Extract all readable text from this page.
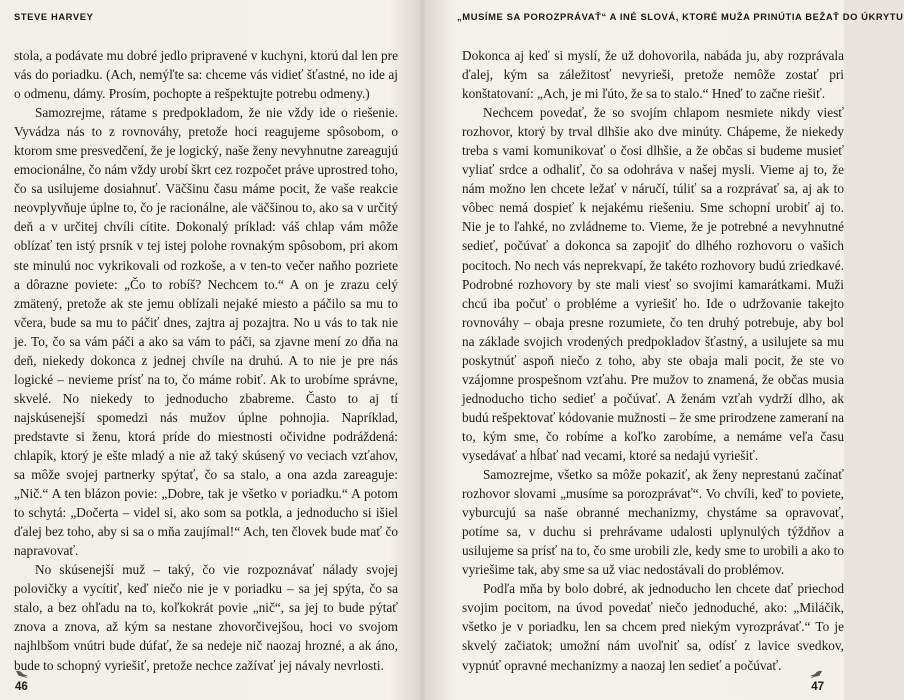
STEVE HARVEY

stola, a podávate mu dobré jedlo pripravené v kuchyni, ktorú dal len pre vás do poriadku. (Ach, nemýľte sa: chceme vás vidieť šťastné, no ide aj o odmenu, dámy. Prosím, pochopte a rešpektujte potrebu odmeny.)

Samozrejme, rátame s predpokladom, že nie vždy ide o riešenie. Vyvádza nás to z rovnováhy, pretože hoci reagujeme spôsobom, o ktorom sme presvedčení, že je logický, naše ženy nevyhnutne zareagujú emocionálne, čo nám vždy urobí škrt cez rozpočet práve uprostred toho, čo sa usilujeme dosiahnuť. Väčšinu času máme pocit, že vaše reakcie neovplyvňuje úplne to, čo je racionálne, ale väčšinou to, ako sa v určitý deň a v určitej chvíli cítite. Dokonalý príklad: váš chlap vám môže oblízať ten istý prsník v tej istej polohe rovnakým spôsobom, pri akom ste minulú noc vykrikovali od rozkoše, a v ten-to večer naňho pozriete a dôrazne poviete: „Čo to robíš? Nechcem to.“ A on je zrazu celý zmätený, pretože ak ste jemu oblízali nejaké miesto a páčilo sa mu to včera, bude sa mu to páčiť dnes, zajtra aj pozajtra. No u vás to tak nie je. To, čo sa vám páči a ako sa vám to páči, sa zjavne mení zo dňa na deň, niekedy dokonca z jednej chvíle na druhú. A to nie je pre nás logické – nevieme prísť na to, čo máme robiť. Ak to urobíme správne, skvelé. No niekedy to jednoducho zbabreme. Často to aj tí najskúsenejší spomedzi nás mužov úplne pohnojia. Napríklad, predstavte si ženu, ktorá príde do miestnosti očividne podráždená: chlapík, ktorý je ešte mladý a nie až taký skúsený vo veciach vzťahov, sa môže svojej partnerky spýtať, čo sa stalo, a ona azda zareaguje: „Nič.“ A ten blázon povie: „Dobre, tak je všetko v poriadku.“ A potom to schytá: „Dočerta – videl si, ako som sa potkla, a jednoducho si išiel ďalej bez toho, aby si sa o mňa zaujímal!“ Ach, ten človek bude mať čo napravovať.

No skúsenejší muž – taký, čo vie rozpoznávať nálady svojej polovičky a vycítiť, keď niečo nie je v poriadku – sa jej spýta, čo sa stalo, a bez ohľadu na to, koľkokrát povie „nič“, sa jej to bude pýtať znova a znova, až kým sa nestane zhovorčivejšou, hoci vo svojom najhlbšom vnútri bude dúfať, že sa nedeje nič naozaj hrozné, a ak áno, bude to schopný vyriešiť, pretože nechce zažívať jej návaly nevrlosti.

46
„MUSÍME SA POROZPRÁVAŤ“ A INÉ SLOVÁ, KTORÉ MUŽA PRINÚTIA BEŽAŤ DO ÚKRYTU

Dokonca aj keď si myslí, že už dohovorila, nabáda ju, aby rozprávala ďalej, kým sa záležitosť nevyrieši, pretože nemôže zostať pri konštatovaní: „Ach, je mi ľúto, že sa to stalo.“ Hneď to začne riešiť.

Nechcem povedať, že so svojím chlapom nesmiete nikdy viesť rozhovor, ktorý by trval dlhšie ako dve minúty. Chápeme, že niekedy treba s vami komunikovať o čosi dlhšie, a že občas si budeme musieť vyliať srdce a odhaliť, čo sa odohráva v našej mysli. Vieme aj to, že nám možno len chcete ležať v náručí, túliť sa a rozprávať sa, aj ak to vôbec nemá dospieť k nejakému riešeniu. Sme schopní urobiť aj to. Nie je to ľahké, no zvládneme to. Vieme, že je potrebné a nevyhnutné sedieť, počúvať a dokonca sa zapojiť do dlhého rozhovoru o vašich pocitoch. No nech vás neprekvapí, že takéto rozhovory budú zriedkavé. Podrobné rozhovory by ste mali viesť so svojimi kamarátkami. Muži chcú iba počuť o probléme a vyriešiť ho. Ide o udržovanie takejto rovnováhy – obaja presne rozumiete, čo ten druhý potrebuje, aby bol na základe svojich vrodených predpokladov šťastný, a usilujete sa mu poskytnúť aspoň niečo z toho, aby ste obaja mali pocit, že ste vo vzájomne prospešnom vzťahu. Pre mužov to znamená, že občas musia jednoducho ticho sedieť a počúvať. A ženám vzťah vydrží dlho, ak budú rešpektovať kódovanie mužnosti – že sme prirodzene zameraní na to, kým sme, čo robíme a koľko zarobíme, a nemáme veľa času vysedávať a hĺbať nad vecami, ktoré sa nedajú vyriešiť.

Samozrejme, všetko sa môže pokaziť, ak ženy neprestanú začínať rozhovor slovami „musíme sa porozprávať“. Vo chvíli, keď to poviete, vyburcujú sa naše obranné mechanizmy, chystáme sa opravovať, potíme sa, v duchu si prehrávame udalosti uplynulých týždňov a usilujeme sa prísť na to, čo sme urobili zle, kedy sme to urobili a ako to vyriešime tak, aby sme sa už viac nedostávali do problémov.

Podľa mňa by bolo dobré, ak jednoducho len chcete dať priechod svojim pocitom, na úvod povedať niečo jednoduché, ako: „Miláčik, všetko je v poriadku, len sa chcem pred niekým vyrozprávať.“ To je skvelý začiatok; umožní nám uvoľniť sa, odísť z lavice svedkov, vypnúť opravné mechanizmy a naozaj len sedieť a počúvať.

47
